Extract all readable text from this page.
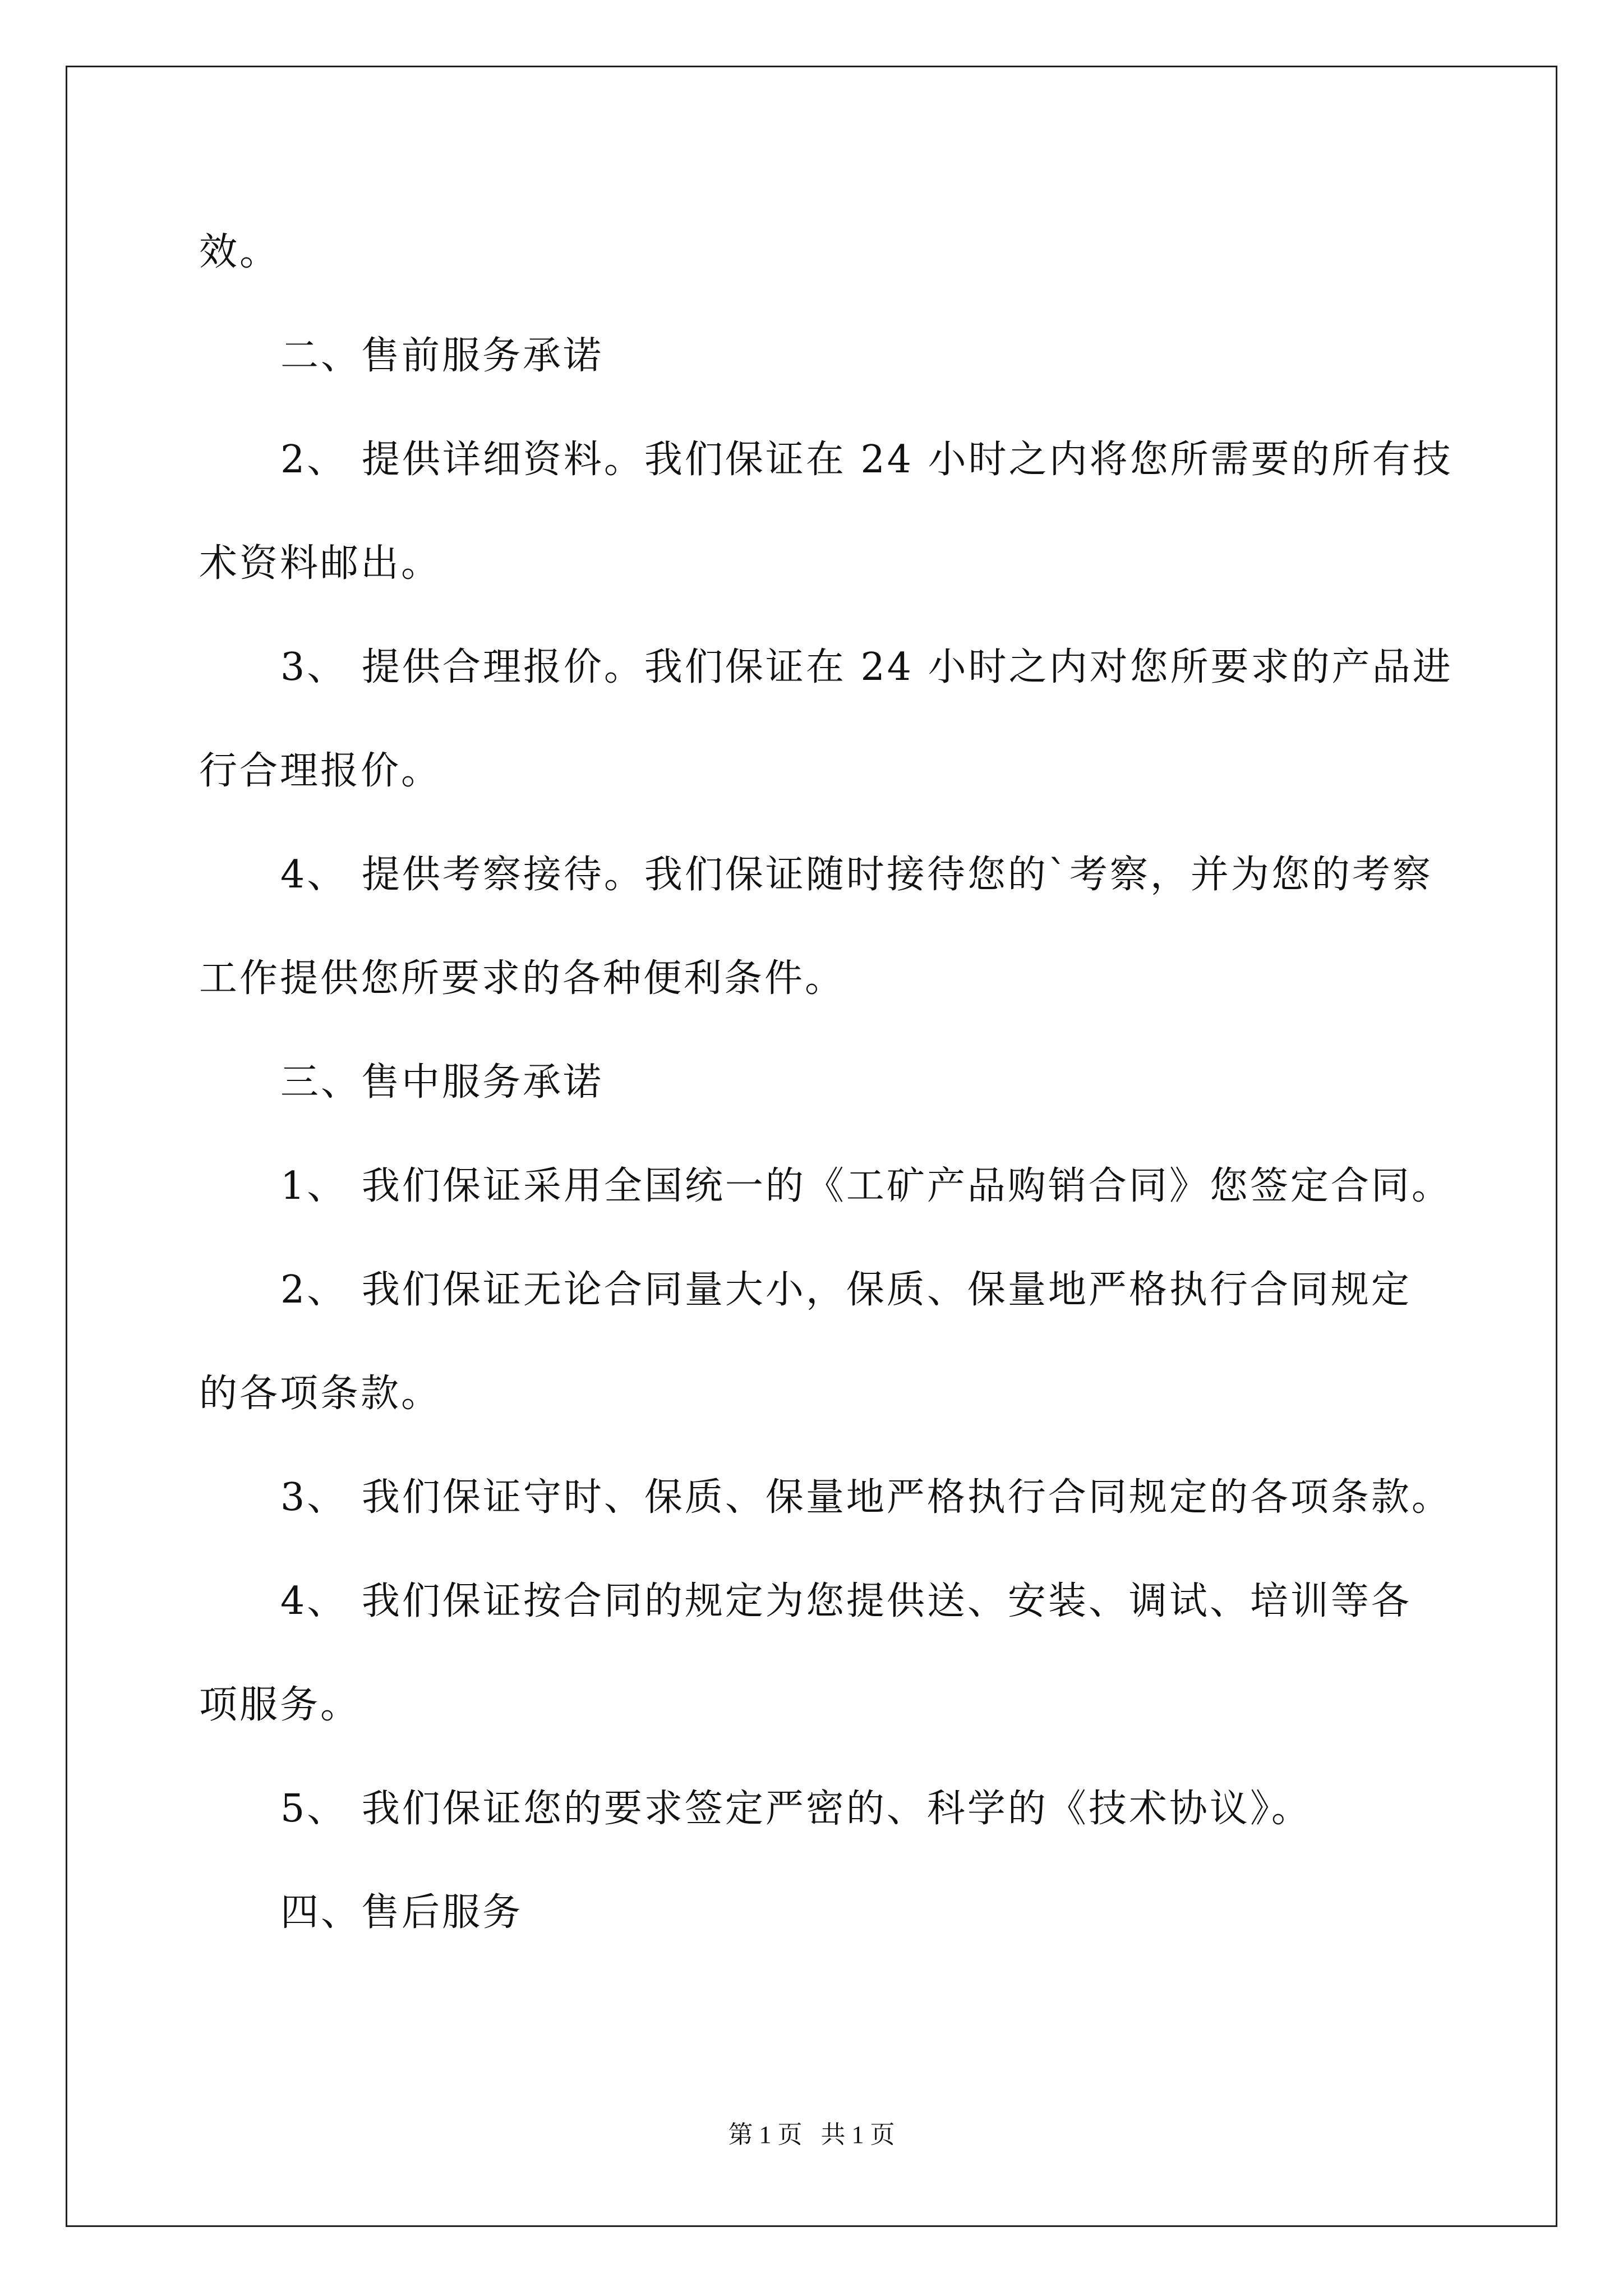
效。
二、售前服务承诺
2、 提供详细资料。我们保证在 24 小时之内将您所需要的所有技
术资料邮出。
3、 提供合理报价。我们保证在 24 小时之内对您所要求的产品进
行合理报价。
4、 提供考察接待。我们保证随时接待您的`考察，并为您的考察
工作提供您所要求的各种便利条件。
三、售中服务承诺
1、 我们保证采用全国统一的《工矿产品购销合同》您签定合同。
2、 我们保证无论合同量大小，保质、保量地严格执行合同规定
的各项条款。
3、 我们保证守时、保质、保量地严格执行合同规定的各项条款。
4、 我们保证按合同的规定为您提供送、安装、调试、培训等各
项服务。
5、 我们保证您的要求签定严密的、科学的《技术协议》。
四、售后服务
第 1 页   共 1 页
